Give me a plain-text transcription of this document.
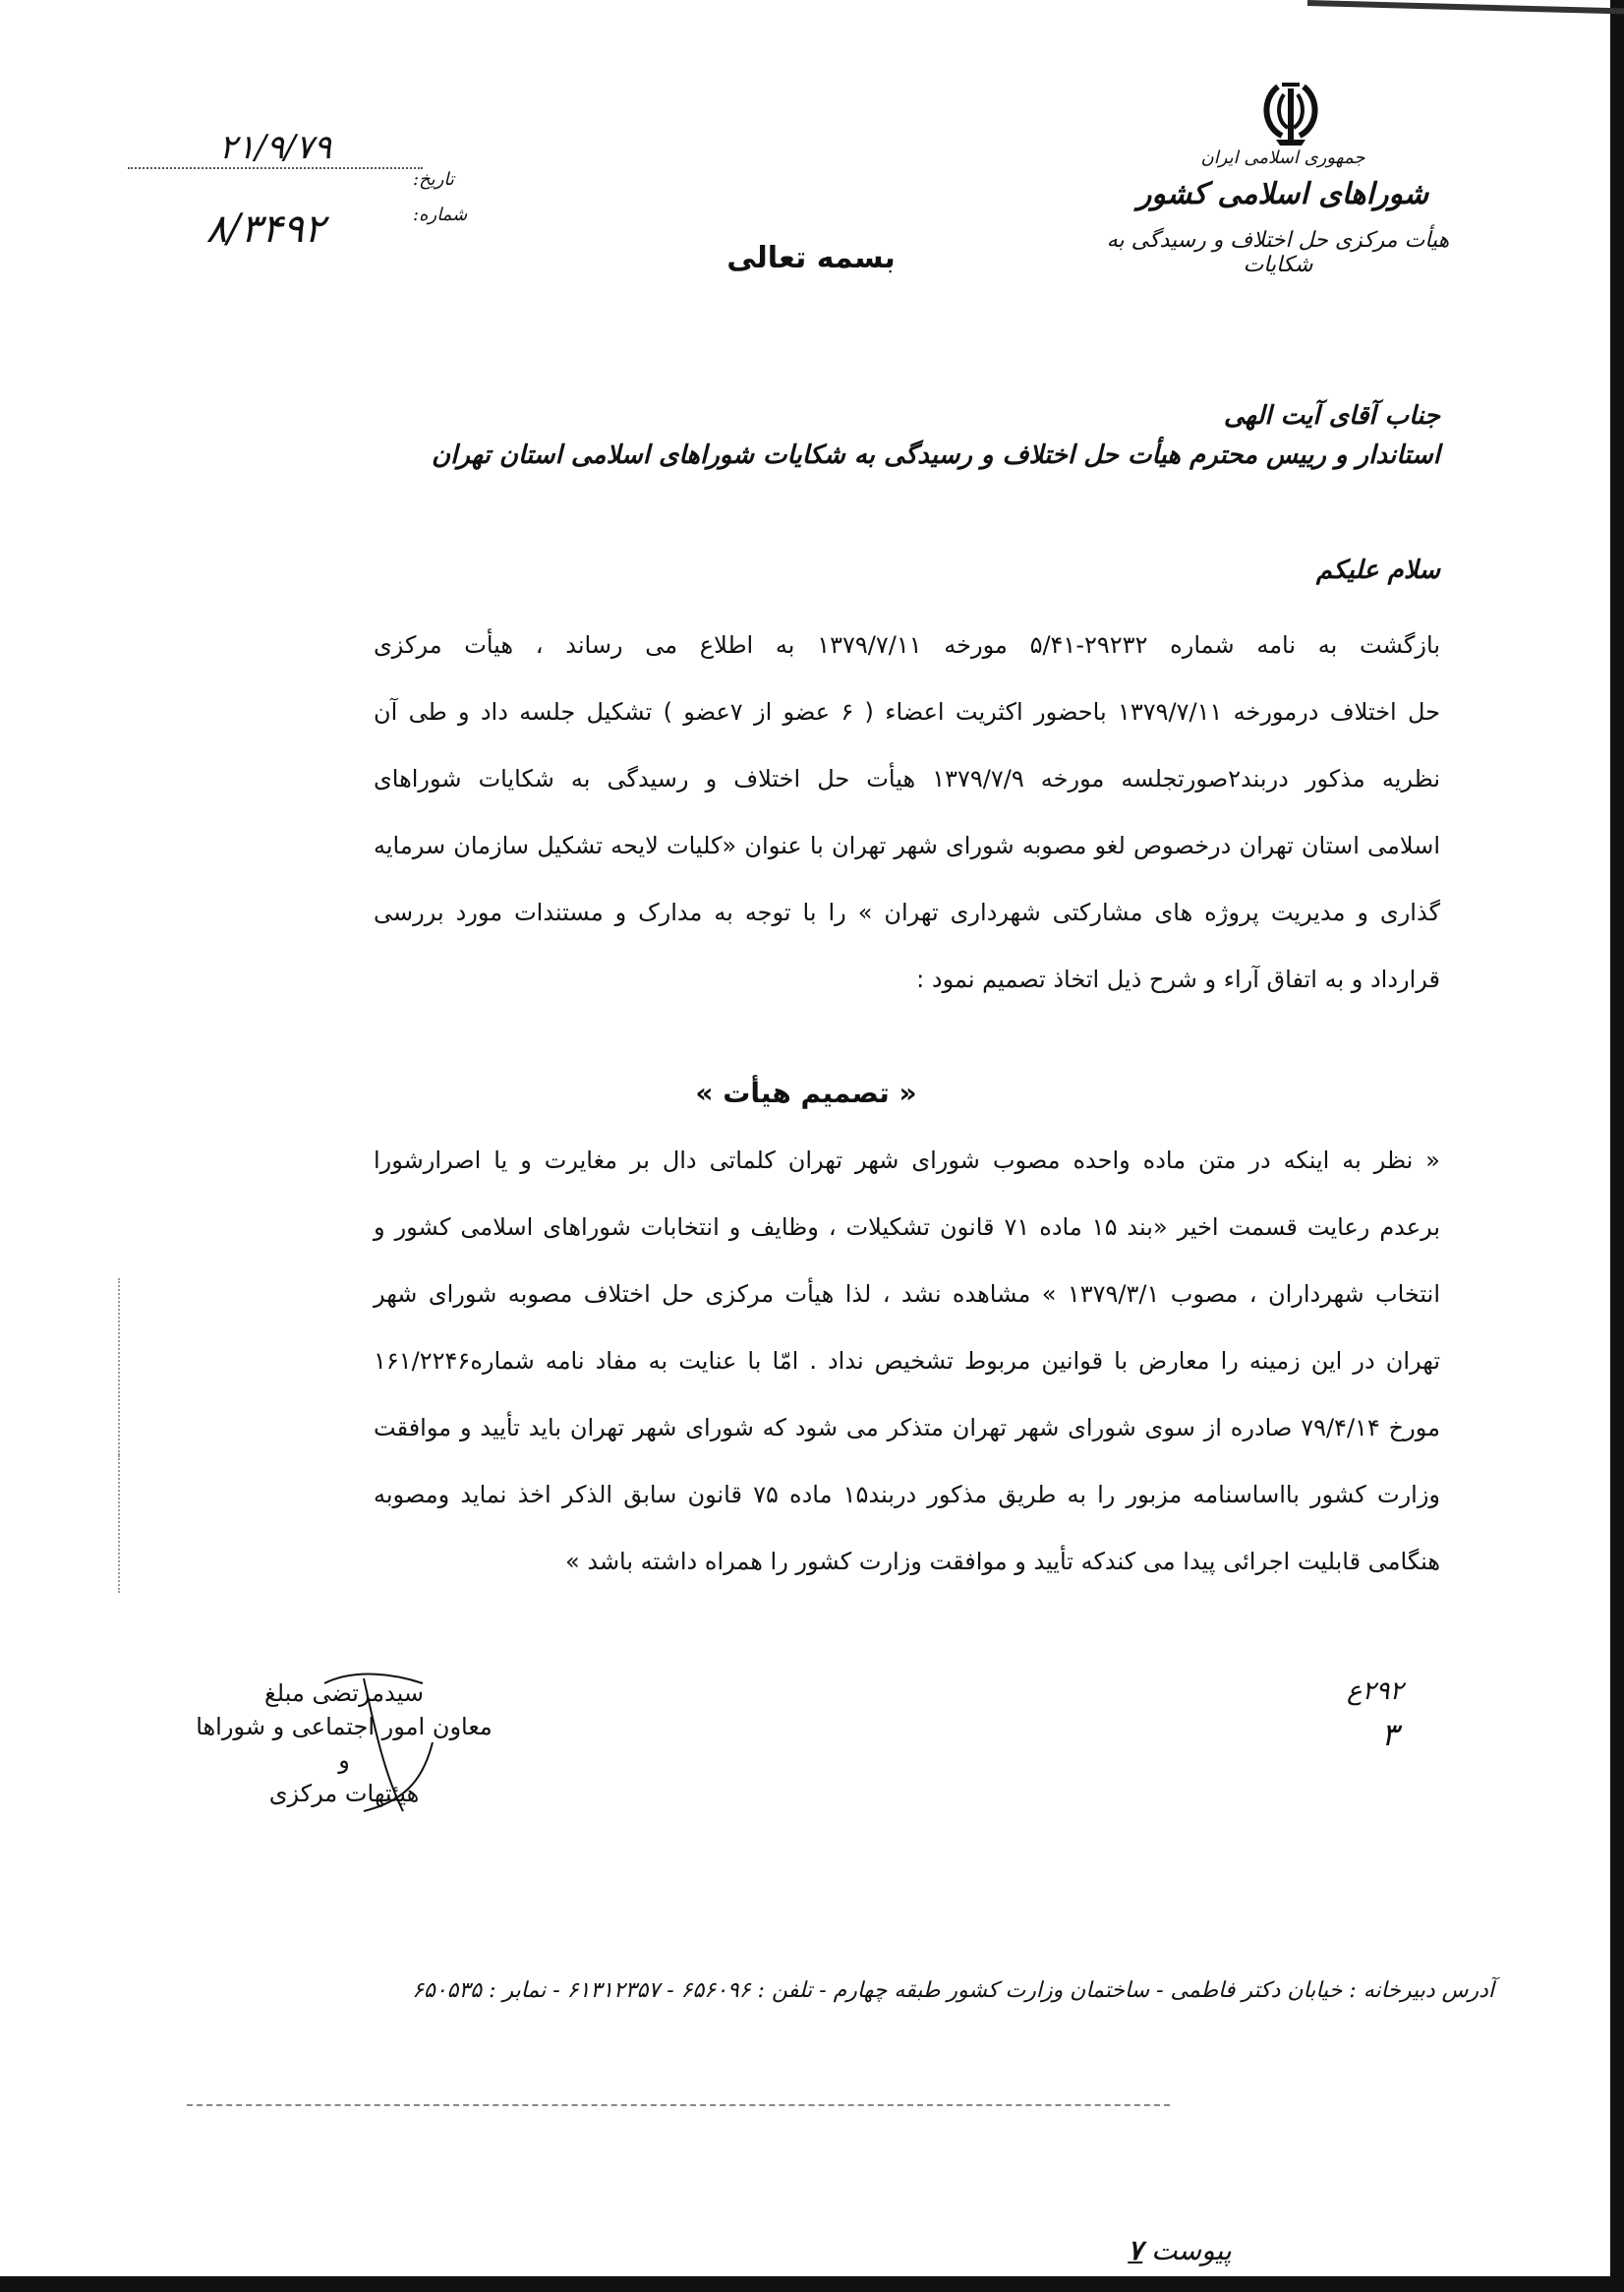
جمهوری اسلامی ایران
شوراهای اسلامی کشور
هیأت مرکزی حل اختلاف و رسیدگی به شکایات
بسمه تعالی
تاریخ:
۲۱/۹/۷۹
شماره:
۸/۳۴۹۲
جناب آقای آیت الهی
استاندار و رییس محترم هیأت حل اختلاف و رسیدگی به شکایات شوراهای اسلامی استان تهران
سلام علیکم
بازگشت به نامه شماره ۲۹۲۳۲-۵/۴۱ مورخه ۱۳۷۹/۷/۱۱ به اطلاع می رساند ، هیأت مرکزی
حل اختلاف درمورخه ۱۳۷۹/۷/۱۱ باحضور اکثریت اعضاء ( ۶ عضو از ۷عضو ) تشکیل جلسه داد و طی آن
نظریه مذکور دربند۲صورتجلسه مورخه ۱۳۷۹/۷/۹ هیأت حل اختلاف و رسیدگی به شکایات شوراهای
اسلامی استان تهران درخصوص لغو مصوبه شورای شهر تهران با عنوان «کلیات لایحه تشکیل سازمان سرمایه
گذاری و مدیریت پروژه های مشارکتی شهرداری تهران » را با توجه به مدارک و مستندات مورد بررسی
قرارداد و به اتفاق آراء و شرح ذیل اتخاذ تصمیم نمود :
« تصمیم هیأت »
« نظر به اینکه در متن ماده واحده مصوب شورای شهر تهران کلماتی دال بر مغایرت و یا اصرارشورا
برعدم رعایت قسمت اخیر «بند ۱۵ ماده ۷۱ قانون تشکیلات ، وظایف و انتخابات شوراهای اسلامی کشور و
انتخاب شهرداران ، مصوب ۱۳۷۹/۳/۱ » مشاهده نشد ، لذا هیأت مرکزی حل اختلاف مصوبه شورای شهر
تهران در این زمینه را معارض با قوانین مربوط تشخیص نداد . امّا با عنایت به مفاد نامه شماره۱۶۱/۲۲۴۶
مورخ ۷۹/۴/۱۴ صادره از سوی شورای شهر تهران متذکر می شود که شورای شهر تهران باید تأیید و موافقت
وزارت کشور بااساسنامه مزبور را به طریق مذکور دربند۱۵ ماده ۷۵ قانون سابق الذکر اخذ نماید ومصوبه
هنگامی قابلیت اجرائی پیدا می کندکه تأیید و موافقت وزارت کشور را همراه داشته باشد »
سیدمرتضی مبلغ
معاون امور اجتماعی و شوراها و
هیئتهات مرکزی
۲۹۲ع
۳
آدرس دبیرخانه : خیابان دکتر فاطمی - ساختمان وزارت کشور طبقه چهارم - تلفن : ۶۵۶۰۹۶ - ۶۱۳۱۲۳۵۷ - نمابر : ۶۵۰۵۳۵
پیوست ۷
